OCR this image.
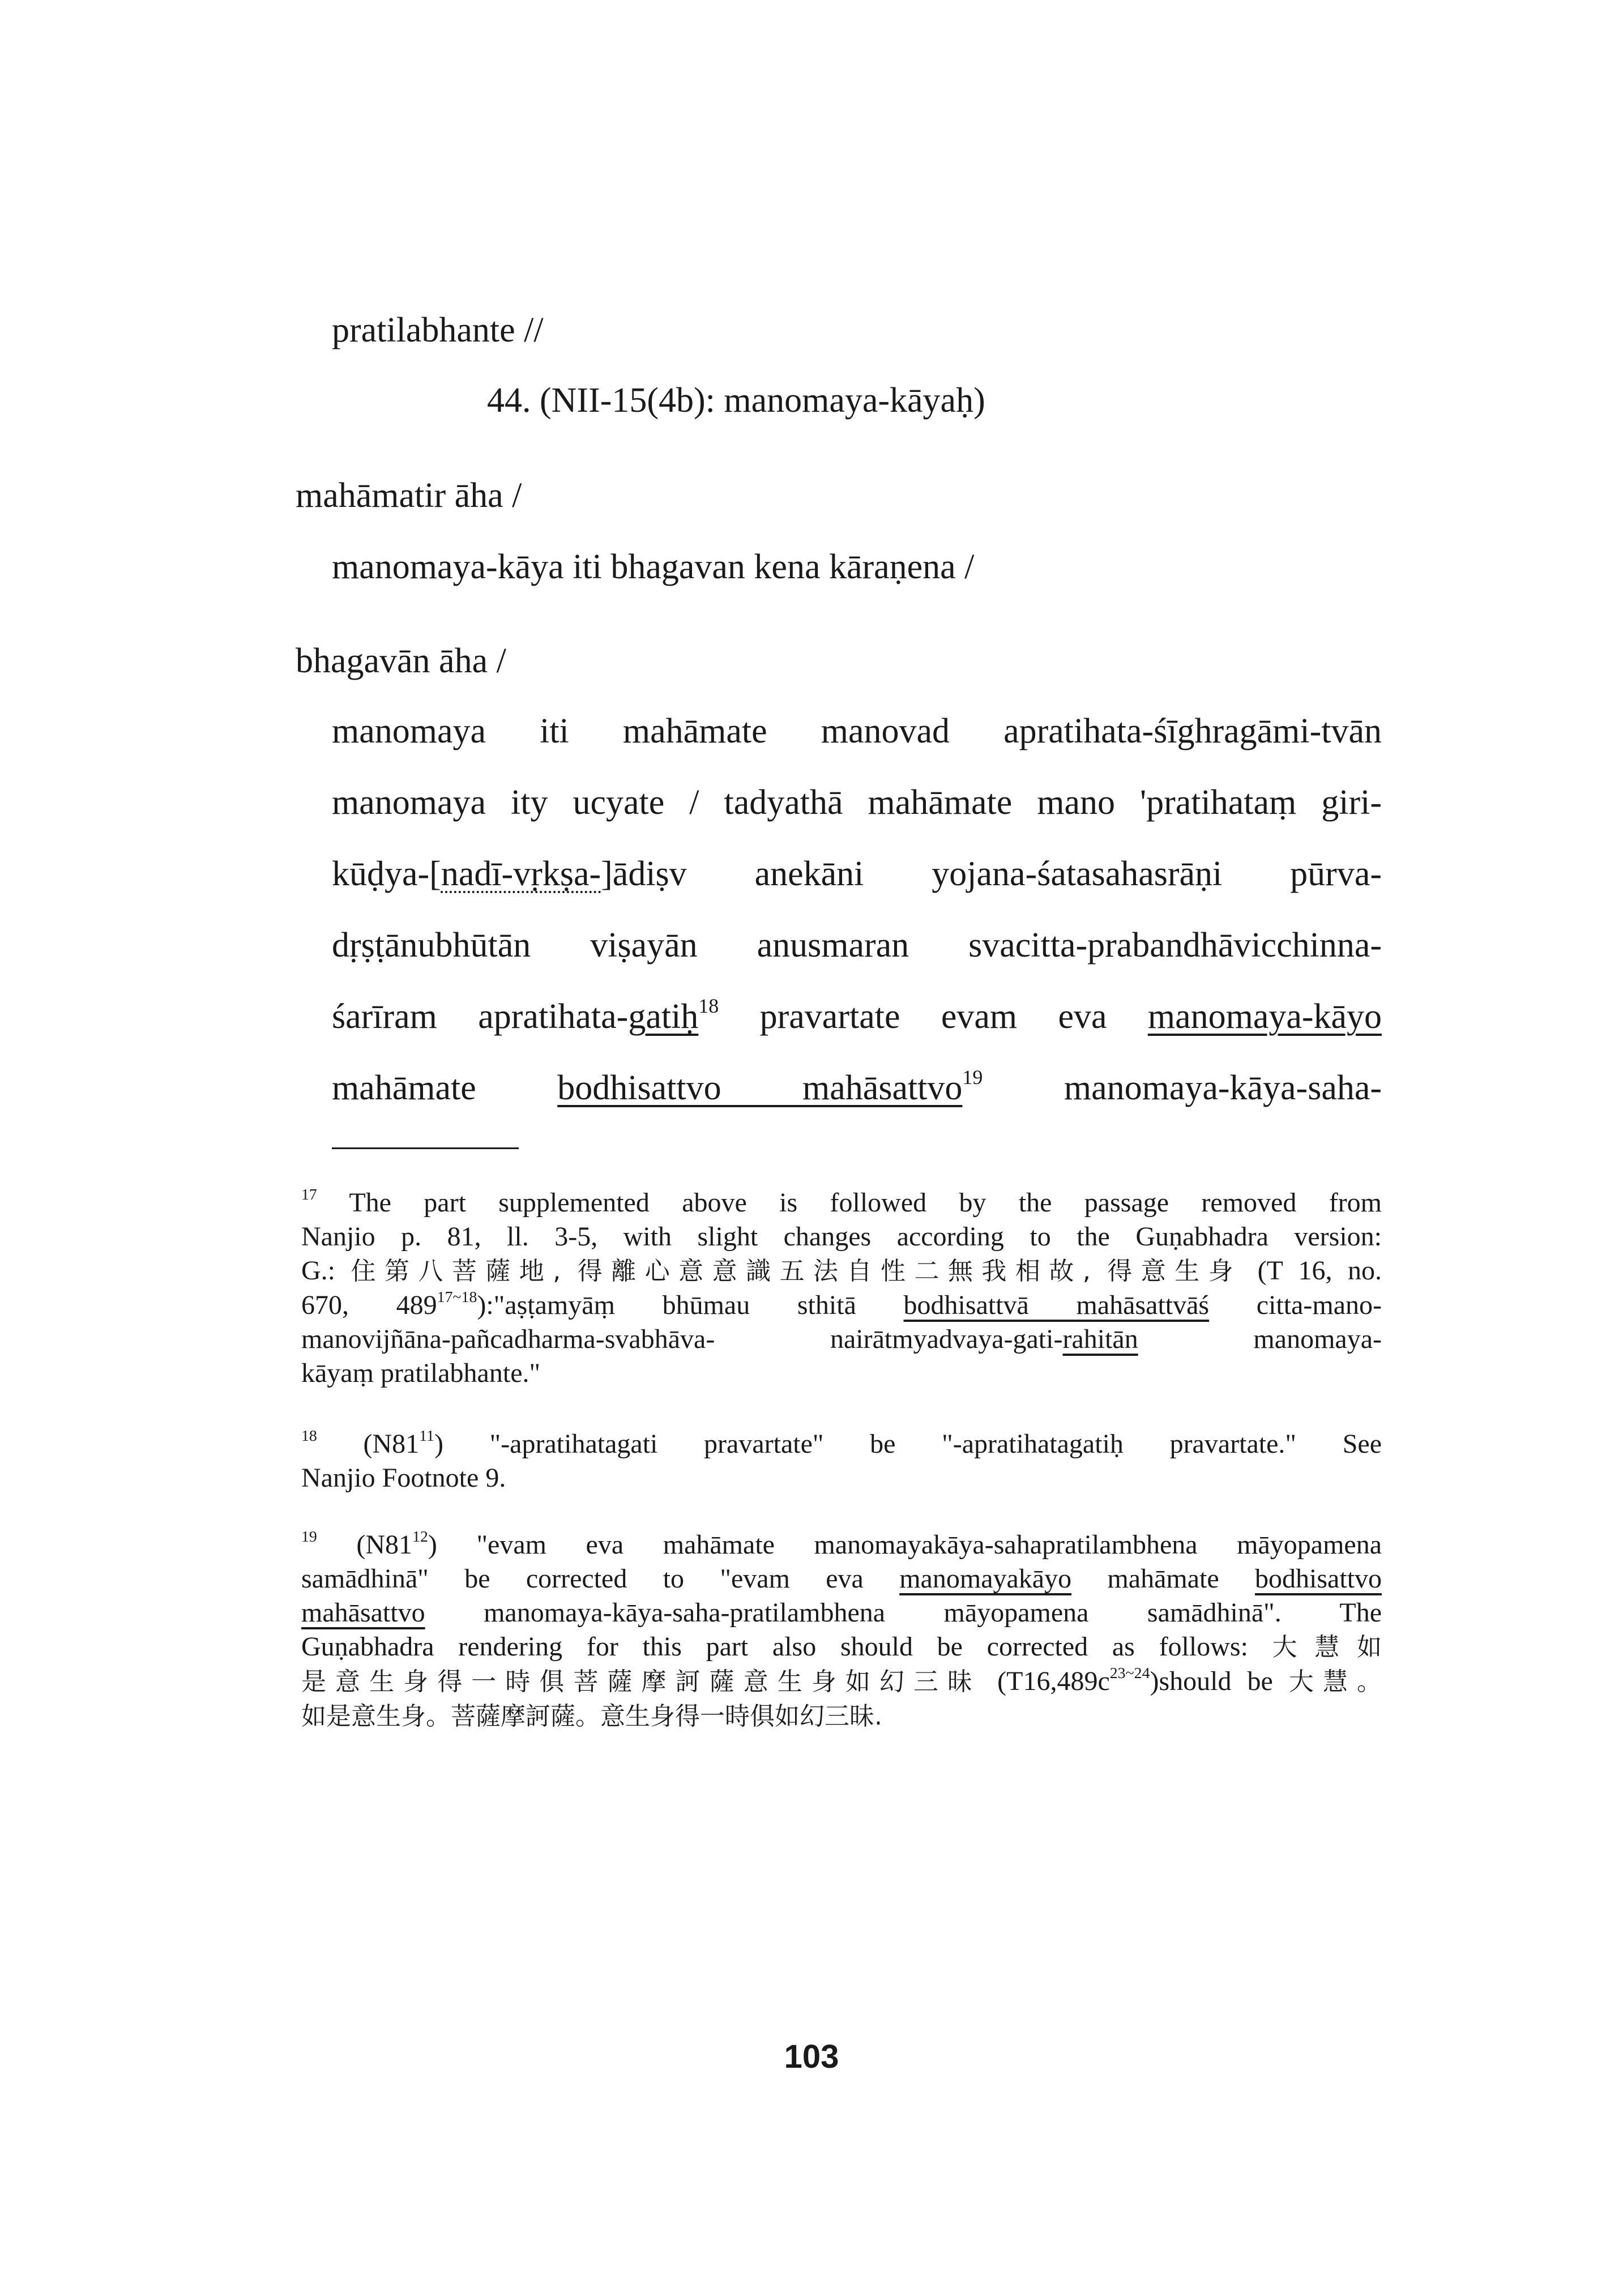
pratilabhante //
44. (NII-15(4b): manomaya-kāyaḥ)
mahāmatir āha /
manomaya-kāya iti bhagavan kena kāraṇena /
bhagavān āha /
manomaya iti mahāmate manovad apratihata-śīghragāmi-tvān
manomaya ity ucyate / tadyathā mahāmate mano 'pratihataṃ giri-
kūḍya-[nadī-vṛkṣa-]ādiṣv anekāni yojana-śatasahasrāṇi pūrva-
dṛṣṭānubhūtān viṣayān anusmaran svacitta-prabandhāvicchinna-
śarīram apratihata-gatiḥ$^{18}$ pravartate evam eva manomaya-kāyo
mahāmate bodhisattvo mahāsattvo$^{19}$ manomaya-kāya-saha-
$^{17}$ The part supplemented above is followed by the passage removed from
Nanjio p. 81, ll. 3-5, with slight changes according to the Guṇabhadra version:
G.: 住第八菩薩地, 得離心意意識五法自性二無我相故, 得意生身 (T 16, no.
670, $489^{17\sim 18}):"aṣṭamyāṃ$ bhūmau sthitā bodhisattvā mahāsattvāś citta-mano-
manovijñāna-pañcadharma-svabhāva- nairātmyadvaya-gati-rahitān	manomaya-
kāyaṃ pratilabhante."
$^{18}$ $(N81^{11})$ "-apratihatagati pravartate" be "-apratihatagatiḥ pravartate." See
Nanjio Footnote 9.
$^{19}$ $(N81^{12})$ "evam eva mahāmate manomayakāya-sahapratilambhena māyopamena
samādhinā" be corrected to "evam eva manomayakāyo mahāmate bodhisattvo
mahāsattvo manomaya-kāya-saha-pratilambhena māyopamena samādhinā". The
Guṇabhadra rendering for this part also should be corrected as follows: 大慧如
是意生身得一時俱菩薩摩訶薩意生身如幻三昧 $(T16,489c^{23\sim 24})should$ be 大慧。
如是意生身。菩薩摩訶薩。意生身得一時俱如幻三昧.
103
